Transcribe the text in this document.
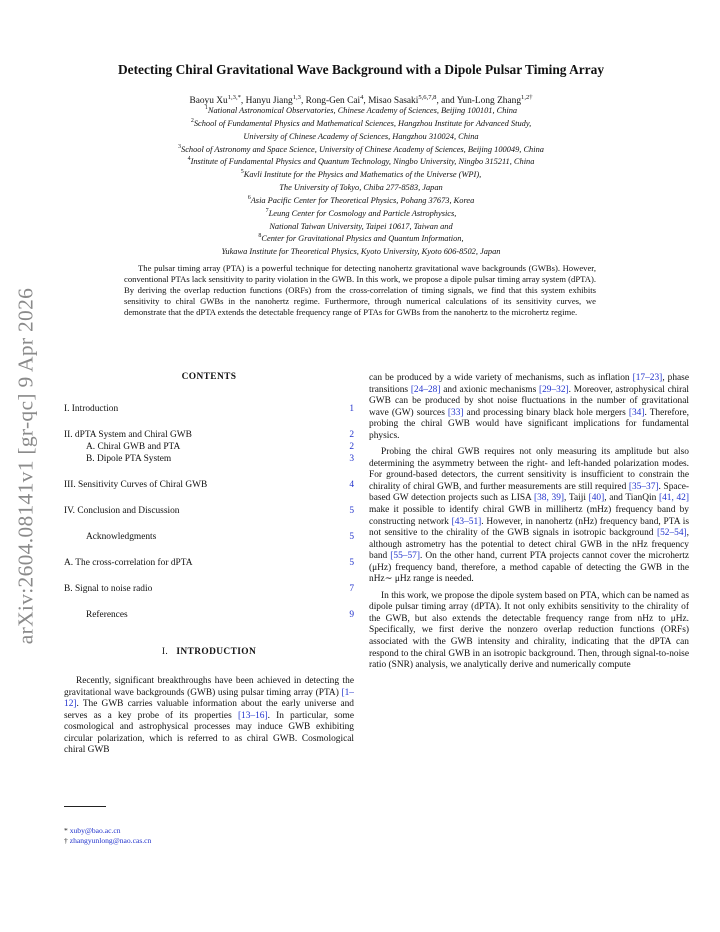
arXiv:2604.08141v1 [gr-qc] 9 Apr 2026
Detecting Chiral Gravitational Wave Background with a Dipole Pulsar Timing Array
Baoyu $Xu^{1,3,*}$, Hanyu Jiang$^{1,3}$, Rong-Gen Cai$^4$, Misao Sasaki$^{5,6,7,8}$, and Yun-Long Zhang$^{1,2\dagger}$
$^1$National Astronomical Observatories, Chinese Academy of Sciences, Beijing 100101, China
$^2$School of Fundamental Physics and Mathematical Sciences, Hangzhou Institute for Advanced Study,
University of Chinese Academy of Sciences, Hangzhou 310024, China
$^3$School of Astronomy and Space Science, University of Chinese Academy of Sciences, Beijing 100049, China
$^4$Institute of Fundamental Physics and Quantum Technology, Ningbo University, Ningbo 315211, China
$^5$Kavli Institute for the Physics and Mathematics of the Universe (WPI),
The University of Tokyo, Chiba 277-8583, Japan
$^6$Asia Pacific Center for Theoretical Physics, Pohang 37673, Korea
$^7$Leung Center for Cosmology and Particle Astrophysics,
National Taiwan University, Taipei 10617, Taiwan and
$^8$Center for Gravitational Physics and Quantum Information,
Yukawa Institute for Theoretical Physics, Kyoto University, Kyoto 606-8502, Japan
The pulsar timing array (PTA) is a powerful technique for detecting nanohertz gravitational wave backgrounds (GWBs). However, conventional PTAs lack sensitivity to parity violation in the GWB. In this work, we propose a dipole pulsar timing array system (dPTA). By deriving the overlap reduction functions (ORFs) from the cross-correlation of timing signals, we find that this system exhibits sensitivity to chiral GWBs in the nanohertz regime. Furthermore, through numerical calculations of its sensitivity curves, we demonstrate that the dPTA extends the detectable frequency range of PTAs for GWBs from the nanohertz to the microhertz regime.
CONTENTS
I. Introduction	1
II. dPTA System and Chiral GWB	2
A. Chiral GWB and PTA	2
B. Dipole PTA System	3
III. Sensitivity Curves of Chiral GWB	4
IV. Conclusion and Discussion	5
Acknowledgments	5
A. The cross-correlation for dPTA	5
B. Signal to noise radio	7
References	9
I. INTRODUCTION

Recently, significant breakthroughs have been achieved in detecting the gravitational wave backgrounds (GWB) using pulsar timing array (PTA) [1–12]. The GWB carries valuable information about the early universe and serves as a key probe of its properties [13–16]. In particular, some cosmological and astrophysical processes may induce GWB exhibiting circular polarization, which is referred to as chiral GWB. Cosmological chiral GWB

can be produced by a wide variety of mechanisms, such as inflation [17–23], phase transitions [24–28] and axionic mechanisms [29–32]. Moreover, astrophysical chiral GWB can be produced by shot noise fluctuations in the number of gravitational wave (GW) sources [33] and processing binary black hole mergers [34]. Therefore, probing the chiral GWB would have significant implications for fundamental physics.

Probing the chiral GWB requires not only measuring its amplitude but also determining the asymmetry between the right- and left-handed polarization modes. For ground-based detectors, the current sensitivity is insufficient to constrain the chirality of chiral GWB, and further measurements are still required [35–37]. Space-based GW detection projects such as LISA [38, 39], Taiji [40], and TianQin [41, 42] make it possible to identify chiral GWB in millihertz (mHz) frequency band by constructing network [43–51]. However, in nanohertz (nHz) frequency band, PTA is not sensitive to the chirality of the GWB signals in isotropic background [52–54], although astrometry has the potential to detect chiral GWB in the nHz frequency band [55–57]. On the other hand, current PTA projects cannot cover the microhertz (μHz) frequency band, therefore, a method capable of detecting the GWB in the nHz∼ μHz range is needed.

In this work, we propose the dipole system based on PTA, which can be named as dipole pulsar timing array (dPTA). It not only exhibits sensitivity to the chirality of the GWB, but also extends the detectable frequency range from nHz to μHz. Specifically, we first derive the nonzero overlap reduction functions (ORFs) associated with the GWB intensity and chirality, indicating that the dPTA can respond to the chiral GWB in an isotropic background. Then, through signal-to-noise ratio (SNR) analysis, we analytically derive and numerically compute

* xuby@bao.ac.cn
† zhangyunlong@nao.cas.cn
